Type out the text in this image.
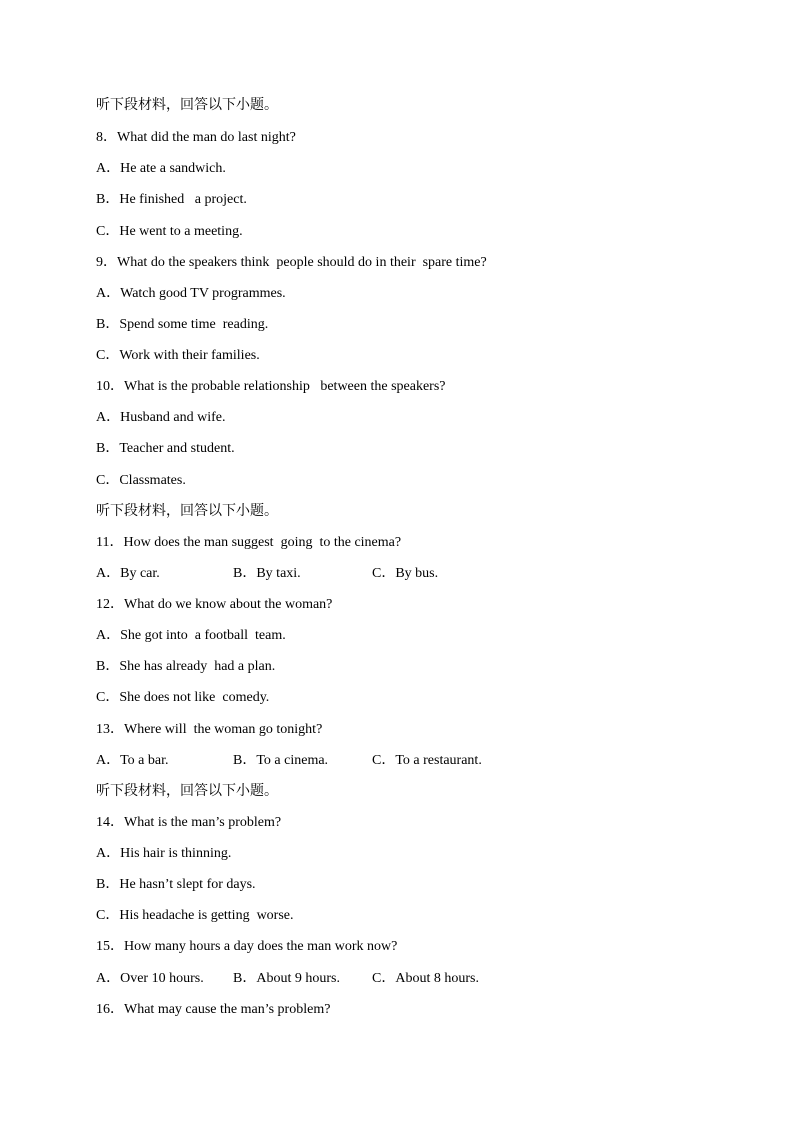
听下段材料，回答以下小题。
8．What did the man do last night?
A．He ate a sandwich.
B．He finished   a project.
C．He went to a meeting.
9．What do the speakers think  people should do in their  spare time?
A．Watch good TV programmes.
B．Spend some time  reading.
C．Work with their families.
10．What is the probable relationship   between the speakers?
A．Husband and wife.
B．Teacher and student.
C．Classmates.
听下段材料，回答以下小题。
11．How does the man suggest  going  to the cinema?
A．By car.	B．By taxi.	C．By bus.
12．What do we know about the woman?
A．She got into  a football  team.
B．She has already  had a plan.
C．She does not like  comedy.
13．Where will  the woman go tonight?
A．To a bar.	B．To a cinema.	C．To a restaurant.
听下段材料，回答以下小题。
14．What is the man’s problem?
A．His hair is thinning.
B．He hasn’t slept for days.
C．His headache is getting  worse.
15．How many hours a day does the man work now?
A．Over 10 hours. B．About 9 hours. C．About 8 hours.
16．What may cause the man’s problem?
